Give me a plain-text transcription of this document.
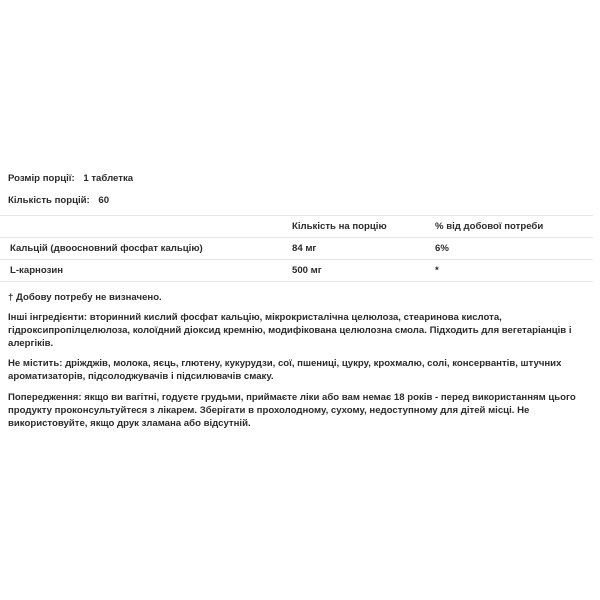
Розмір порції: 1 таблетка
Кількість порцій: 60
	Кількість на порцію	% від добової потреби
Кальцій (двоосновний фосфат кальцію)	84 мг	6%
L-карнозин	500 мг	*

† Добову потребу не визначено.

Інші інгредієнти: вторинний кислий фосфат кальцію, мікрокристалічна целюлоза, стеаринова кислота, гідроксипропілцелюлоза, колоїдний діоксид кремнію, модифікована целюлозна смола. Підходить для вегетаріанців і алергіків.

Не містить: дріжджів, молока, яєць, глютену, кукурудзи, сої, пшениці, цукру, крохмалю, солі, консервантів, штучних ароматизаторів, підсолоджувачів і підсилювачів смаку.

Попередження: якщо ви вагітні, годуєте грудьми, приймаєте ліки або вам немає 18 років - перед використанням цього продукту проконсультуйтеся з лікарем. Зберігати в прохолодному, сухому, недоступному для дітей місці. Не використовуйте, якщо друк зламана або відсутній.
